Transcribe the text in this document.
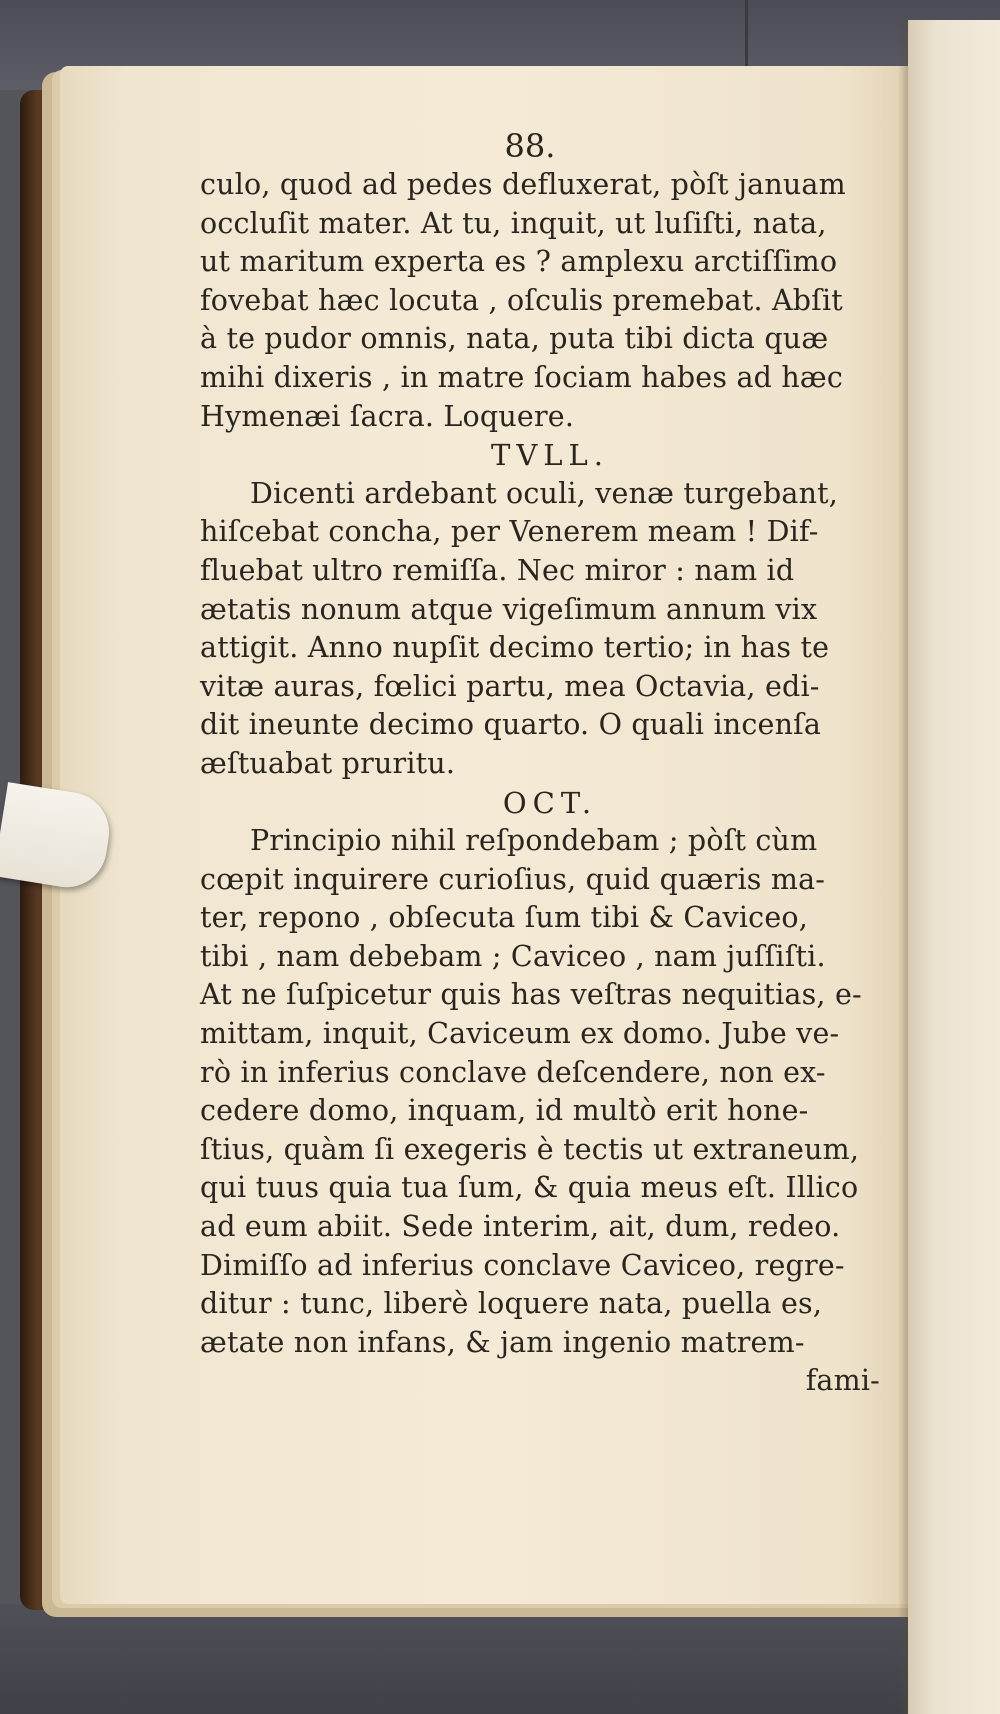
88.
culo, quod ad pedes defluxerat, pòſt januam
occluſit mater. At tu, inquit, ut luſiſti, nata,
ut maritum experta es ? amplexu arctiſſimo
fovebat hæc locuta , oſculis premebat. Abſit
à te pudor omnis, nata, puta tibi dicta quæ
mihi dixeris , in matre ſociam habes ad hæc
Hymenæi ſacra. Loquere.
TVLL.
Dicenti ardebant oculi, venæ turgebant,
hiſcebat concha, per Venerem meam ! Dif-
fluebat ultro remiſſa. Nec miror : nam id
ætatis nonum atque vigeſimum annum vix
attigit. Anno nupſit decimo tertio; in has te
vitæ auras, fœlici partu, mea Octavia, edi-
dit ineunte decimo quarto. O quali incenſa
æſtuabat pruritu.
OCT.
Principio nihil reſpondebam ; pòſt cùm
cœpit inquirere curioſius, quid quæris ma-
ter, repono , obſecuta ſum tibi & Caviceo,
tibi , nam debebam ; Caviceo , nam juſſiſti.
At ne ſuſpicetur quis has veſtras nequitias, e-
mittam, inquit, Caviceum ex domo. Jube ve-
rò in inferius conclave deſcendere, non ex-
cedere domo, inquam, id multò erit hone-
ſtius, quàm ſi exegeris è tectis ut extraneum,
qui tuus quia tua ſum, & quia meus eſt. Illico
ad eum abiit. Sede interim, ait, dum, redeo.
Dimiſſo ad inferius conclave Caviceo, regre-
ditur : tunc, liberè loquere nata, puella es,
ætate non infans, & jam ingenio matrem-
fami-
